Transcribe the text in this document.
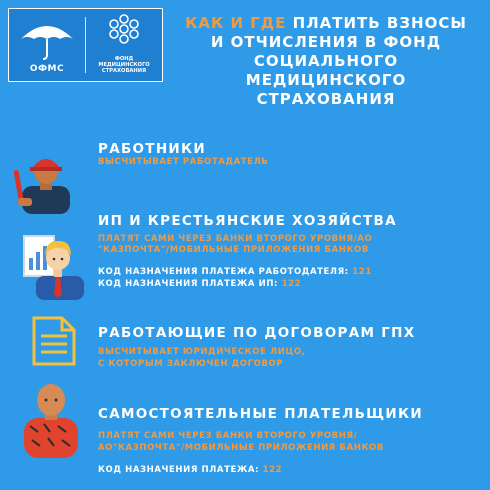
ОФМС
ФОНД
МЕДИЦИНСКОГО
СТРАХОВАНИЯ
КАК И ГДЕ ПЛАТИТЬ ВЗНОСЫ И ОТЧИСЛЕНИЯ В ФОНД СОЦИАЛЬНОГО МЕДИЦИНСКОГО СТРАХОВАНИЯ
РАБОТНИКИ
ВЫСЧИТЫВАЕТ РАБОТАДАТЕЛЬ
ИП И КРЕСТЬЯНСКИЕ ХОЗЯЙСТВА
ПЛАТЯТ САМИ ЧЕРЕЗ БАНКИ ВТОРОГО УРОВНЯ/АО
"КАЗПОЧТА"/МОБИЛЬНЫЕ ПРИЛОЖЕНИЯ БАНКОВ
КОД НАЗНАЧЕНИЯ ПЛАТЕЖА РАБОТОДАТЕЛЯ: 121
КОД НАЗНАЧЕНИЯ ПЛАТЕЖА ИП: 122
РАБОТАЮЩИЕ ПО ДОГОВОРАМ ГПХ
ВЫСЧИТЫВАЕТ ЮРИДИЧЕСКОЕ ЛИЦО,
С КОТОРЫМ ЗАКЛЮЧЕН ДОГОВОР
САМОСТОЯТЕЛЬНЫЕ ПЛАТЕЛЬЩИКИ
ПЛАТЯТ САМИ ЧЕРЕЗ БАНКИ ВТОРОГО УРОВНЯ/
АО"КАЗПОЧТА"/МОБИЛЬНЫЕ ПРИЛОЖЕНИЯ БАНКОВ
КОД НАЗНАЧЕНИЯ ПЛАТЕЖА: 122
